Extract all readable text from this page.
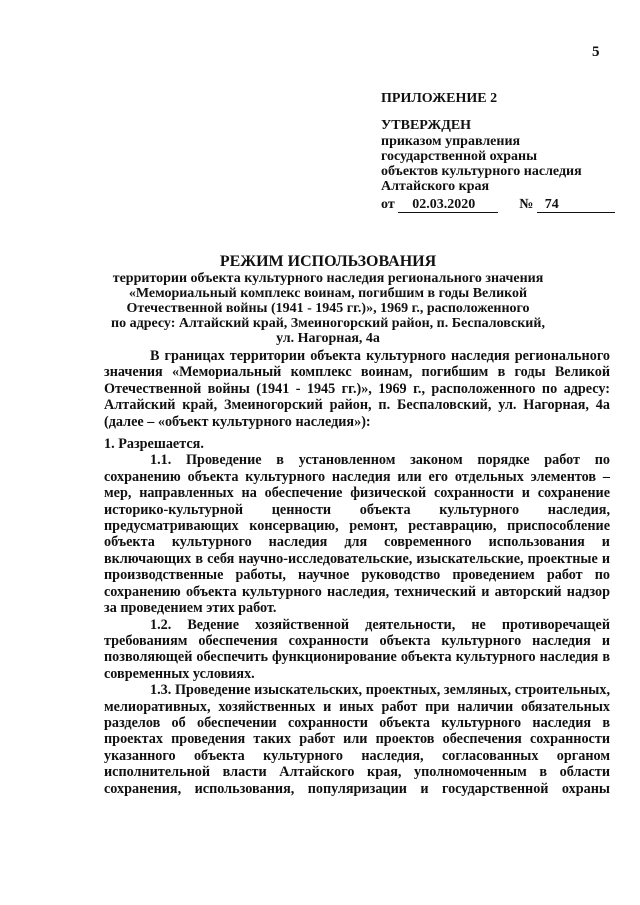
5
ПРИЛОЖЕНИЕ 2
УТВЕРЖДЕН
приказом управления
государственной охраны
объектов культурного наследия
Алтайского края
от 02.03.2020	№ 74
РЕЖИМ ИСПОЛЬЗОВАНИЯ
территории объекта культурного наследия регионального значения
«Мемориальный комплекс воинам, погибшим в годы Великой
Отечественной войны (1941 - 1945 гг.)», 1969 г., расположенного
по адресу: Алтайский край, Змеиногорский район, п. Беспаловский,
ул. Нагорная, 4а

В границах территории объекта культурного наследия регионального значения «Мемориальный комплекс воинам, погибшим в годы Великой Отечественной войны (1941 - 1945 гг.)», 1969 г., расположенного по адресу: Алтайский край, Змеиногорский район, п. Беспаловский, ул. Нагорная, 4а (далее – «объект культурного наследия»):

1. Разрешается.

1.1. Проведение в установленном законом порядке работ по сохранению объекта культурного наследия или его отдельных элементов – мер, направленных на обеспечение физической сохранности и сохранение историко-культурной ценности объекта культурного наследия, предусматривающих консервацию, ремонт, реставрацию, приспособление объекта культурного наследия для современного использования и включающих в себя научно-исследовательские, изыскательские, проектные и производственные работы, научное руководство проведением работ по сохранению объекта культурного наследия, технический и авторский надзор за проведением этих работ.

1.2. Ведение хозяйственной деятельности, не противоречащей требованиям обеспечения сохранности объекта культурного наследия и позволяющей обеспечить функционирование объекта культурного наследия в современных условиях.

1.3. Проведение изыскательских, проектных, земляных, строительных, мелиоративных, хозяйственных и иных работ при наличии обязательных разделов об обеспечении сохранности объекта культурного наследия в проектах проведения таких работ или проектов обеспечения сохранности указанного объекта культурного наследия, согласованных органом исполнительной власти Алтайского края, уполномоченным в области сохранения, использования, популяризации и государственной охраны
